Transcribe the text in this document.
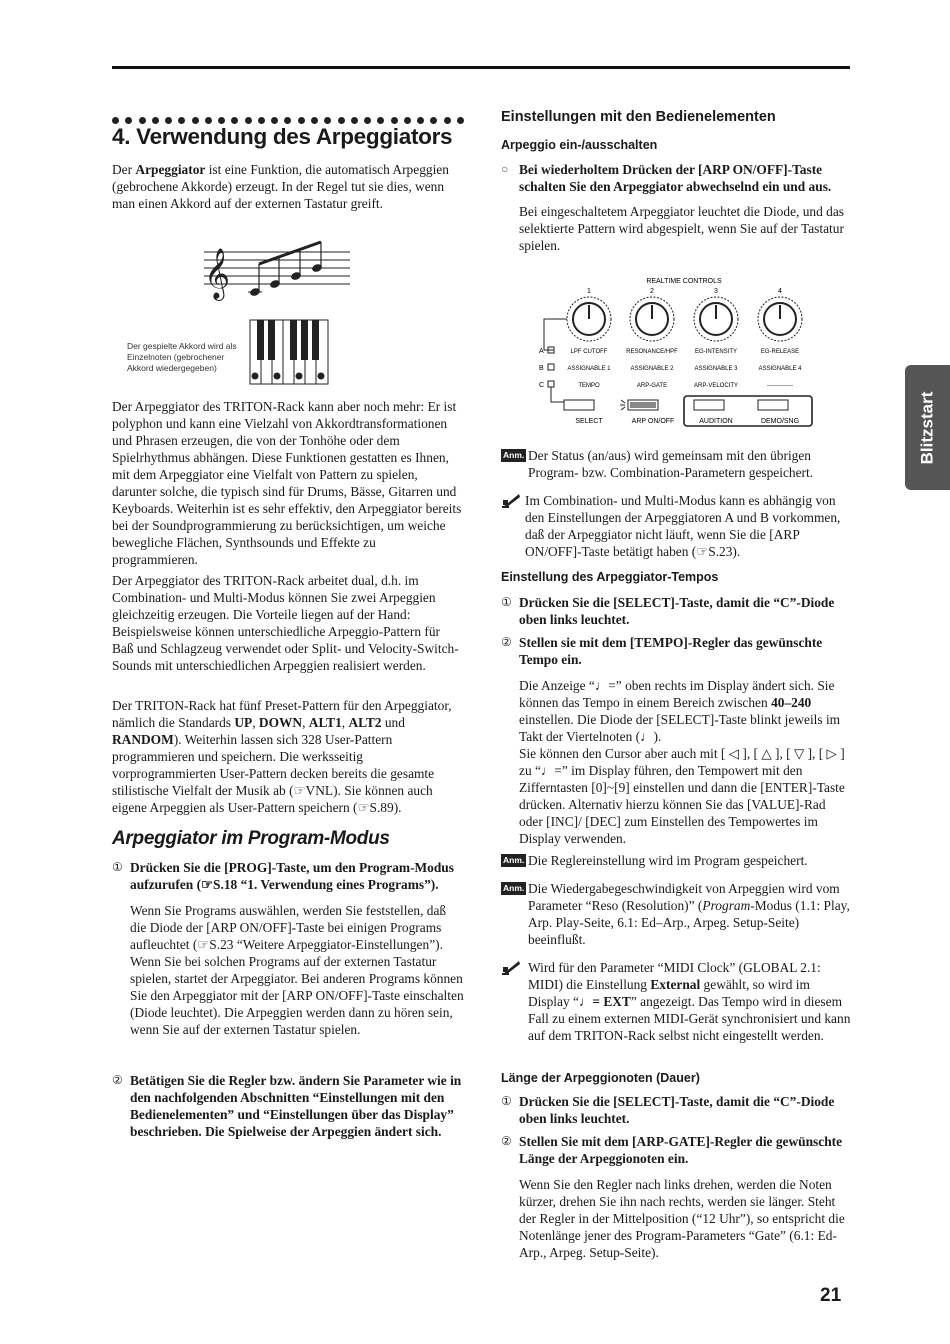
4. Verwendung des Arpeggiators

Der Arpeggiator ist eine Funktion, die automatisch Arpeggien (gebrochene Akkorde) erzeugt. In der Regel tut sie dies, wenn man einen Akkord auf der externen Tastatur greift.

𝄞
Der gespielte Akkord wird als Einzelnoten (gebrochener Akkord wiedergegeben)
Der Arpeggiator des TRITON-Rack kann aber noch mehr: Er ist polyphon und kann eine Vielzahl von Akkordtransformationen und Phrasen erzeugen, die von der Tonhöhe oder dem Spielrhythmus abhängen. Diese Funktionen gestatten es Ihnen, mit dem Arpeggiator eine Vielfalt von Pattern zu spielen, darunter solche, die typisch sind für Drums, Bässe, Gitarren und Keyboards. Weiterhin ist es sehr effektiv, den Arpeggiator bereits bei der Soundprogrammierung zu berücksichtigen, um weiche bewegliche Flächen, Synthsounds und Effekte zu programmieren.
Der Arpeggiator des TRITON-Rack arbeitet dual, d.h. im Combination- und Multi-Modus können Sie zwei Arpeggien gleichzeitig erzeugen. Die Vorteile liegen auf der Hand: Beispielsweise können unterschiedliche Arpeggio-Pattern für Baß und Schlagzeug verwendet oder Split- und Velocity-Switch-Sounds mit unterschiedlichen Arpeggien realisiert werden.
Der TRITON-Rack hat fünf Preset-Pattern für den Arpeggiator, nämlich die Standards UP, DOWN, ALT1, ALT2 und RANDOM). Weiterhin lassen sich 328 User-Pattern programmieren und speichern. Die werksseitig vorprogrammierten User-Pattern decken bereits die gesamte stilistische Vielfalt der Musik ab (☞VNL). Sie können auch eigene Arpeggien als User-Pattern speichern (☞S.89).
Arpeggiator im Program-Modus
① Drücken Sie die [PROG]-Taste, um den Program-Modus aufzurufen (☞S.18 “1. Verwendung eines Programs”).
Wenn Sie Programs auswählen, werden Sie feststellen, daß die Diode der [ARP ON/OFF]-Taste bei einigen Programs aufleuchtet (☞S.23 “Weitere Arpeggiator-Einstellungen”). Wenn Sie bei solchen Programs auf der externen Tastatur spielen, startet der Arpeggiator. Bei anderen Programs können Sie den Arpeggiator mit der [ARP ON/OFF]-Taste einschalten (Diode leuchtet). Die Arpeggien werden dann zu hören sein, wenn Sie auf der externen Tastatur spielen.
② Betätigen Sie die Regler bzw. ändern Sie Parameter wie in den nachfolgenden Abschnitten “Einstellungen mit den Bedienelementen” und “Einstellungen über das Display” beschrieben. Die Spielweise der Arpeggien ändert sich.
Einstellungen mit den Bedienelementen
Arpeggio ein-/ausschalten
○ Bei wiederholtem Drücken der [ARP ON/OFF]-Taste schalten Sie den Arpeggiator abwechselnd ein und aus.
Bei eingeschaltetem Arpeggiator leuchtet die Diode, und das selektierte Pattern wird abgespielt, wenn Sie auf der Tastatur spielen.
REALTIME CONTROLS
1	2	3	4
A
B
C
LPF CUTOFF	RESONANCE/HPF	EG-INTENSITY	EG-RELEASE
ASSIGNABLE 1	ASSIGNABLE 2	ASSIGNABLE 3	ASSIGNABLE 4
TEMPO	ARP-GATE	ARP-VELOCITY	-------------
SELECT	ARP ON/OFF	AUDITION	DEMO/SNG
Anm. Der Status (an/aus) wird gemeinsam mit den übrigen Program- bzw. Combination-Parametern gespeichert.
Im Combination- und Multi-Modus kann es abhängig von den Einstellungen der Arpeggiatoren A und B vorkommen, daß der Arpeggiator nicht läuft, wenn Sie die [ARP ON/OFF]-Taste betätigt haben (☞S.23).
Einstellung des Arpeggiator-Tempos
① Drücken Sie die [SELECT]-Taste, damit die “C”-Diode oben links leuchtet.
② Stellen sie mit dem [TEMPO]-Regler das gewünschte Tempo ein.
Die Anzeige “♩=” oben rechts im Display ändert sich. Sie können das Tempo in einem Bereich zwischen 40–240 einstellen. Die Diode der [SELECT]-Taste blinkt jeweils im Takt der Viertelnoten (♩).
Sie können den Cursor aber auch mit [ ◁ ], [ △ ], [ ▽ ], [ ▷ ] zu “♩=” im Display führen, den Tempowert mit den Zifferntasten [0]~[9] einstellen und dann die [ENTER]-Taste drücken. Alternativ hierzu können Sie das [VALUE]-Rad oder [INC]/ [DEC] zum Einstellen des Tempowertes im Display verwenden.
Anm. Die Reglereinstellung wird im Program gespeichert.
Anm. Die Wiedergabegeschwindigkeit von Arpeggien wird vom Parameter “Reso (Resolution)” (Program-Modus (1.1: Play, Arp. Play-Seite, 6.1: Ed–Arp., Arpeg. Setup-Seite) beeinflußt.
Wird für den Parameter “MIDI Clock” (GLOBAL 2.1: MIDI) die Einstellung External gewählt, so wird im Display “♩= EXT” angezeigt. Das Tempo wird in diesem Fall zu einem externen MIDI-Gerät synchronisiert und kann auf dem TRITON-Rack selbst nicht eingestellt werden.
Länge der Arpeggionoten (Dauer)
① Drücken Sie die [SELECT]-Taste, damit die “C”-Diode oben links leuchtet.
② Stellen Sie mit dem [ARP-GATE]-Regler die gewünschte Länge der Arpeggionoten ein.
Wenn Sie den Regler nach links drehen, werden die Noten kürzer, drehen Sie ihn nach rechts, werden sie länger. Steht der Regler in der Mittelposition (“12 Uhr”), so entspricht die Notenlänge jener des Program-Parameters “Gate” (6.1: Ed-Arp., Arpeg. Setup-Seite).
Blitzstart
21
